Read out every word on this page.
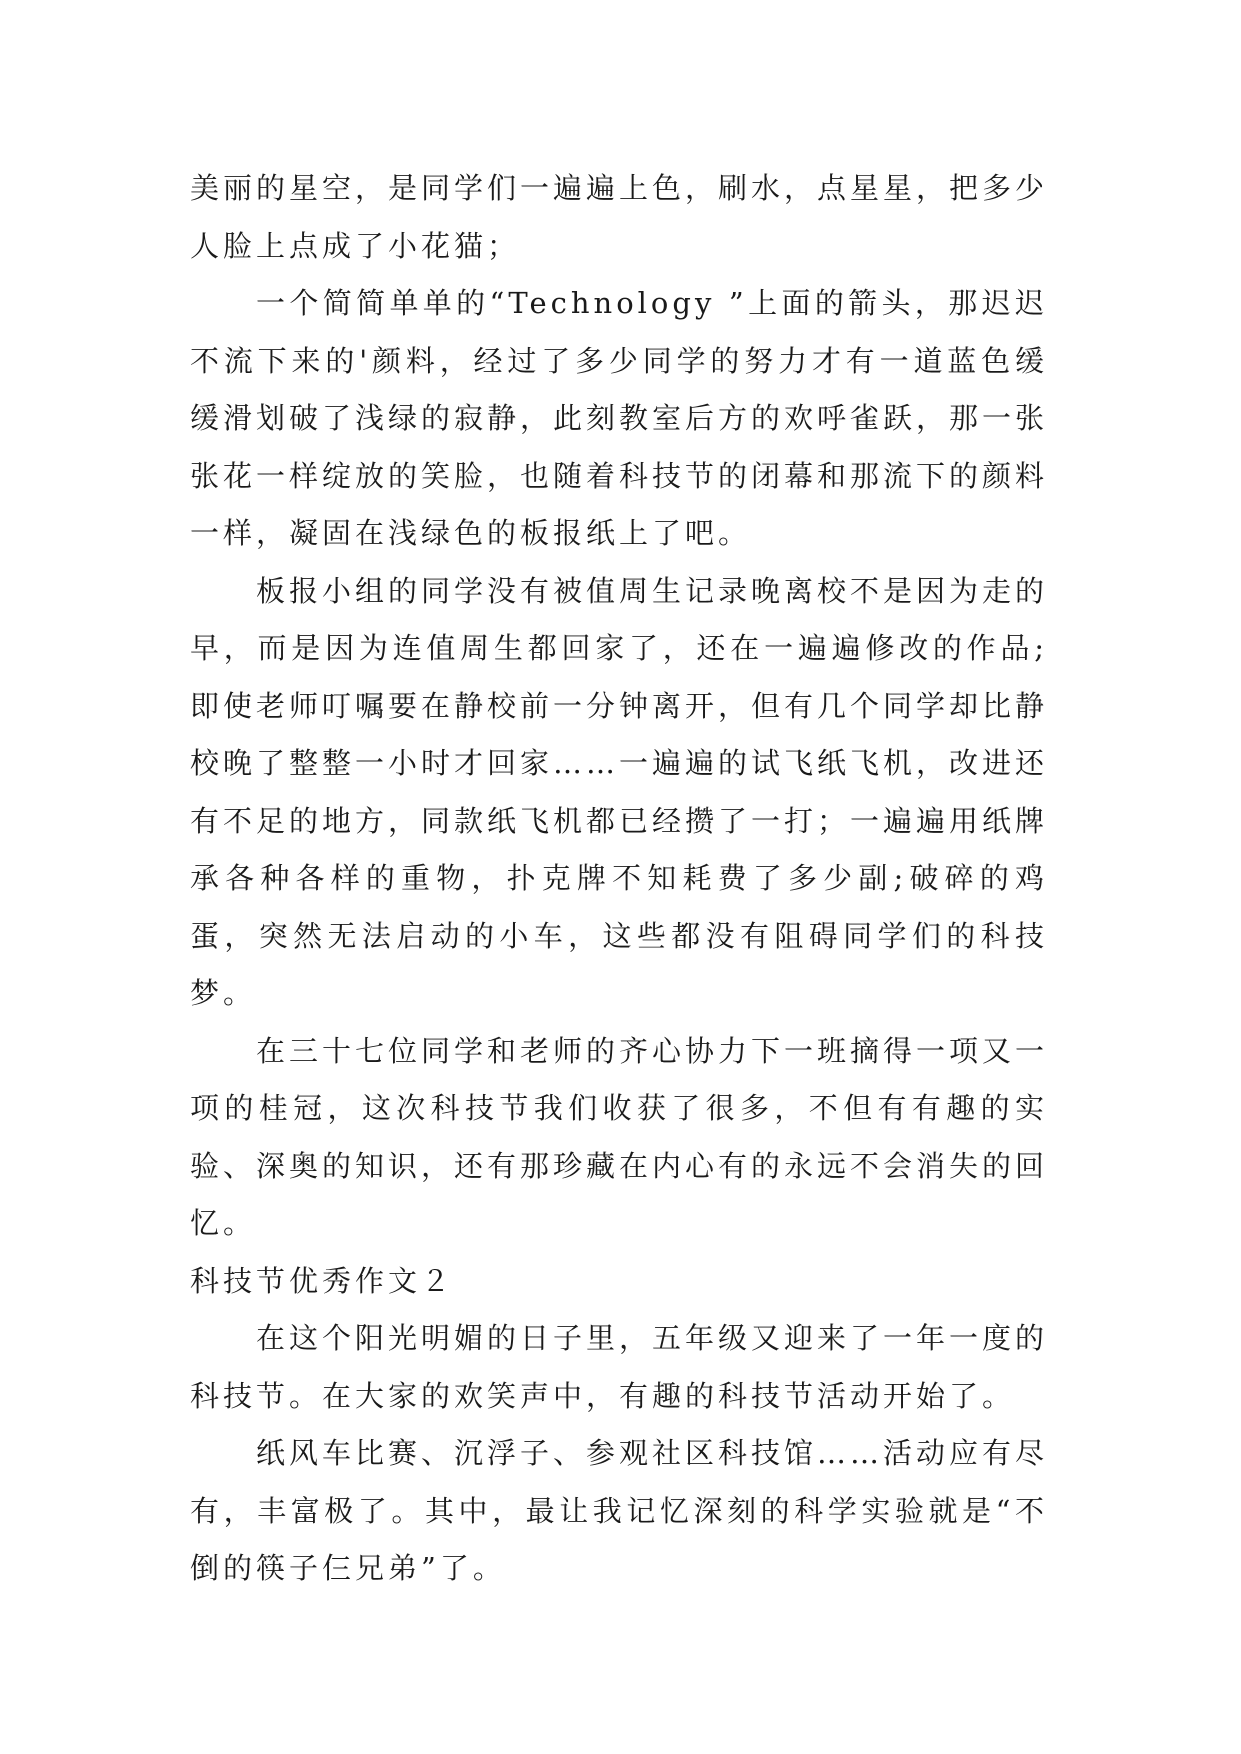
美丽的星空，是同学们一遍遍上色，刷水，点星星，把多少人脸上点成了小花猫；

一个简简单单的“Technology ”上面的箭头，那迟迟不流下来的'颜料，经过了多少同学的努力才有一道蓝色缓缓滑划破了浅绿的寂静，此刻教室后方的欢呼雀跃，那一张张花一样绽放的笑脸，也随着科技节的闭幕和那流下的颜料一样，凝固在浅绿色的板报纸上了吧。

板报小组的同学没有被值周生记录晚离校不是因为走的早，而是因为连值周生都回家了，还在一遍遍修改的作品;即使老师叮嘱要在静校前一分钟离开，但有几个同学却比静校晚了整整一小时才回家……一遍遍的试飞纸飞机，改进还有不足的地方，同款纸飞机都已经攒了一打；一遍遍用纸牌承各种各样的重物，扑克牌不知耗费了多少副;破碎的鸡蛋，突然无法启动的小车，这些都没有阻碍同学们的科技梦。

在三十七位同学和老师的齐心协力下一班摘得一项又一项的桂冠，这次科技节我们收获了很多，不但有有趣的实验、深奥的知识，还有那珍藏在内心有的永远不会消失的回忆。

科技节优秀作文２

在这个阳光明媚的日子里，五年级又迎来了一年一度的科技节。在大家的欢笑声中，有趣的科技节活动开始了。

纸风车比赛、沉浮子、参观社区科技馆……活动应有尽有，丰富极了。其中，最让我记忆深刻的科学实验就是“不倒的筷子仨兄弟”了。
